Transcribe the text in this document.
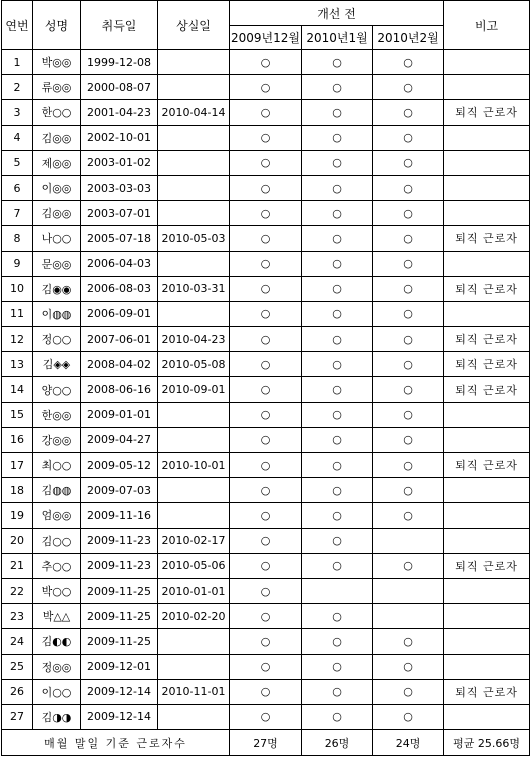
연번	성명	취득일	상실일	개선 전			비고
				2009년12월	2010년1월	2010년2월	
1	박◎◎	1999-12-08		○	○	○	
2	류◎◎	2000-08-07		○	○	○	
3	한○○	2001-04-23	2010-04-14	○	○	○	퇴직 근로자
4	김◎◎	2002-10-01		○	○	○	
5	제◎◎	2003-01-02		○	○	○	
6	이◎◎	2003-03-03		○	○	○	
7	김◎◎	2003-07-01		○	○	○	
8	나○○	2005-07-18	2010-05-03	○	○	○	퇴직 근로자
9	문◎◎	2006-04-03		○	○	○	
10	김◉◉	2006-08-03	2010-03-31	○	○	○	퇴직 근로자
11	이◍◍	2006-09-01		○	○	○	
12	정○○	2007-06-01	2010-04-23	○	○	○	퇴직 근로자
13	김◈◈	2008-04-02	2010-05-08	○	○	○	퇴직 근로자
14	양○○	2008-06-16	2010-09-01	○	○	○	퇴직 근로자
15	한◎◎	2009-01-01		○	○	○	
16	강◎◎	2009-04-27		○	○	○	
17	최○○	2009-05-12	2010-10-01	○	○	○	퇴직 근로자
18	김◍◍	2009-07-03		○	○	○	
19	엄◎◎	2009-11-16		○	○	○	
20	김○○	2009-11-23	2010-02-17	○	○		
21	추○○	2009-11-23	2010-05-06	○	○	○	퇴직 근로자
22	박○○	2009-11-25	2010-01-01	○			
23	박△△	2009-11-25	2010-02-20	○	○		
24	김◐◐	2009-11-25		○	○	○	
25	정◎◎	2009-12-01		○	○	○	
26	이○○	2009-12-14	2010-11-01	○	○	○	퇴직 근로자
27	김◑◑	2009-12-14		○	○	○	
매월 말일 기준 근로자수				27명	26명	24명	평균 25.66명
